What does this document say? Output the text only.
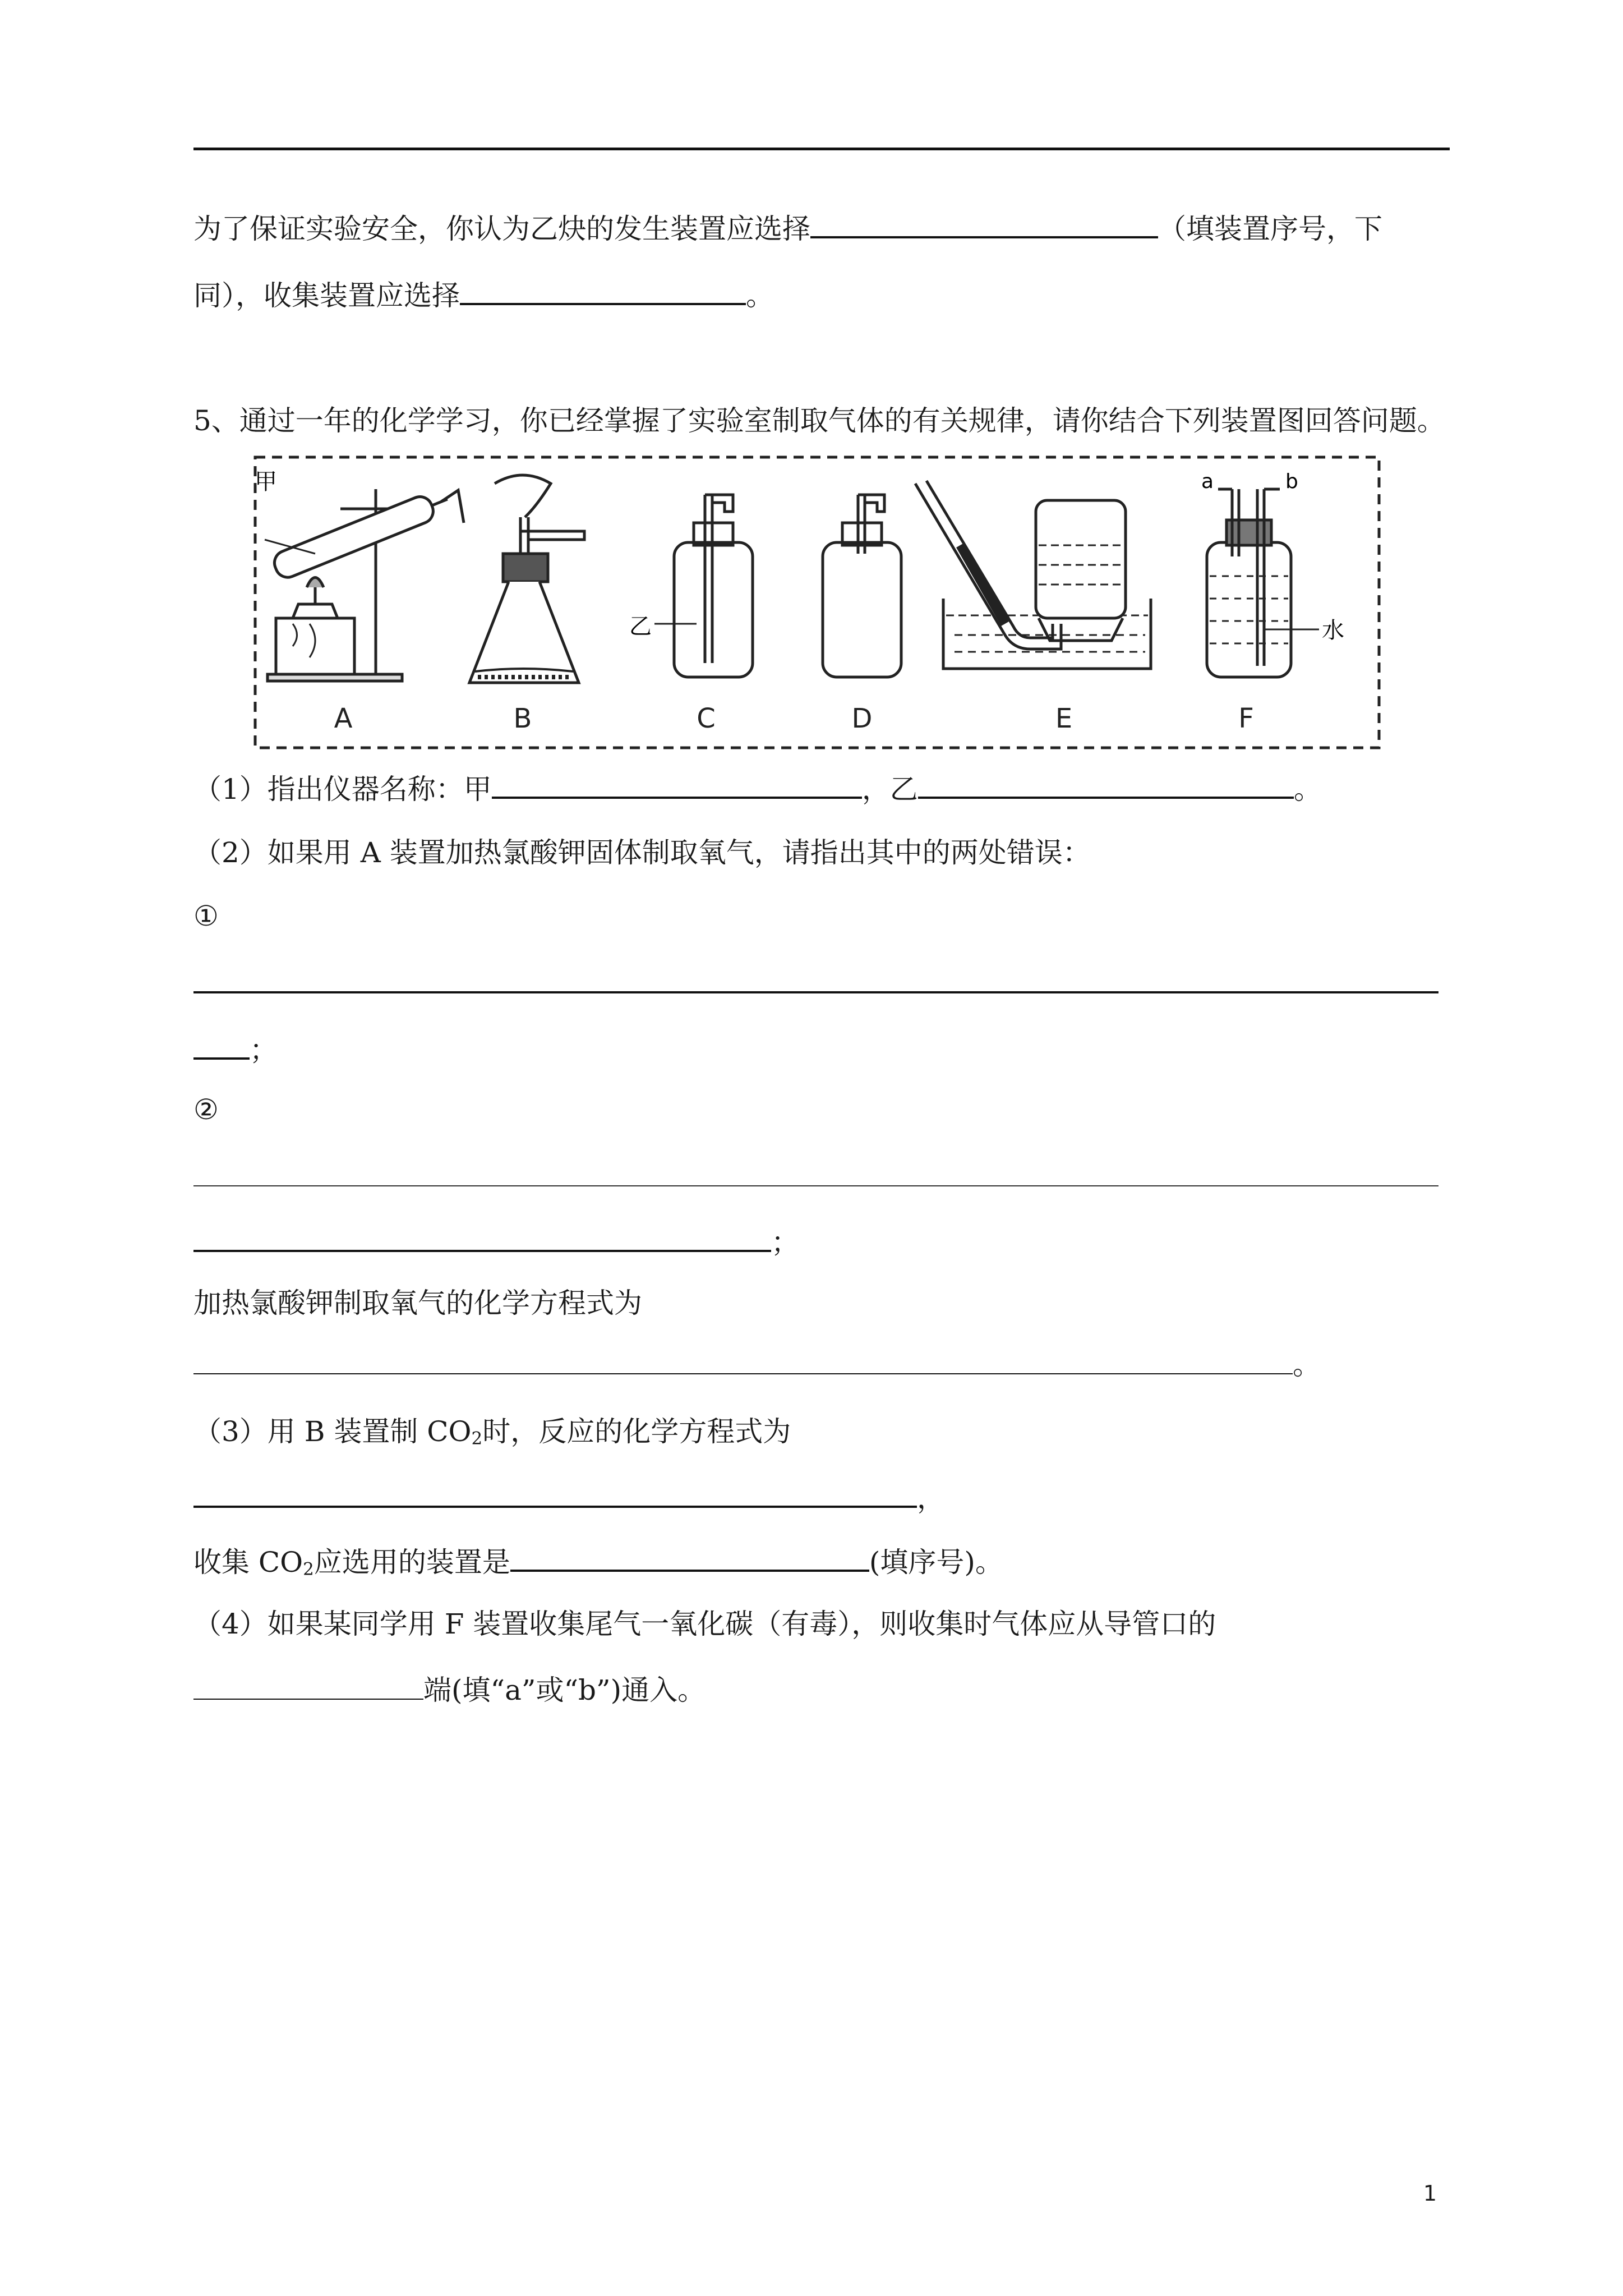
为了保证实验安全，你认为乙炔的发生装置应选择	（填装置序号，下
同），收集装置应选择	。
5、通过一年的化学学习，你已经掌握了实验室制取气体的有关规律，请你结合下列装置图回答问题。
甲
乙
a	b
水
A	B	C	D	E	F
（1）指出仪器名称：甲	，乙	。
（2）如果用 A 装置加热氯酸钾固体制取氧气，请指出其中的两处错误：
①
；
②
；
加热氯酸钾制取氧气的化学方程式为
。
（3）用 B 装置制 $CO_2$时，反应的化学方程式为
，
收集 $CO_2$应选用的装置是	(填序号)。
（4）如果某同学用 F 装置收集尾气一氧化碳（有毒），则收集时气体应从导管口的
端(填“a”或“b”)通入。
1
